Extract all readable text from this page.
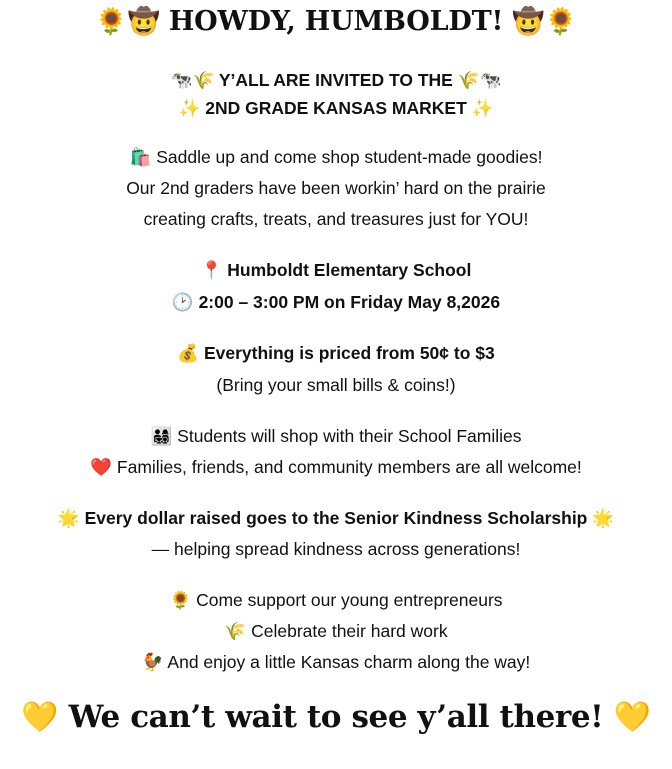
🌻🤠 HOWDY, HUMBOLDT! 🤠🌻
🐄🌾 Y’ALL ARE INVITED TO THE 🌾🐄
✨ 2ND GRADE KANSAS MARKET ✨
🛍️ Saddle up and come shop student-made goodies!
Our 2nd graders have been workin’ hard on the prairie
creating crafts, treats, and treasures just for YOU!
📍 Humboldt Elementary School
🕑 2:00 – 3:00 PM on Friday May 8,2026
💰 Everything is priced from 50¢ to $3
(Bring your small bills & coins!)
👨‍👩‍👧‍👦 Students will shop with their School Families
❤️ Families, friends, and community members are all welcome!
🌟 Every dollar raised goes to the Senior Kindness Scholarship 🌟
— helping spread kindness across generations!
🌻 Come support our young entrepreneurs
🌾 Celebrate their hard work
🐓 And enjoy a little Kansas charm along the way!
💛 We can’t wait to see y’all there! 💛
